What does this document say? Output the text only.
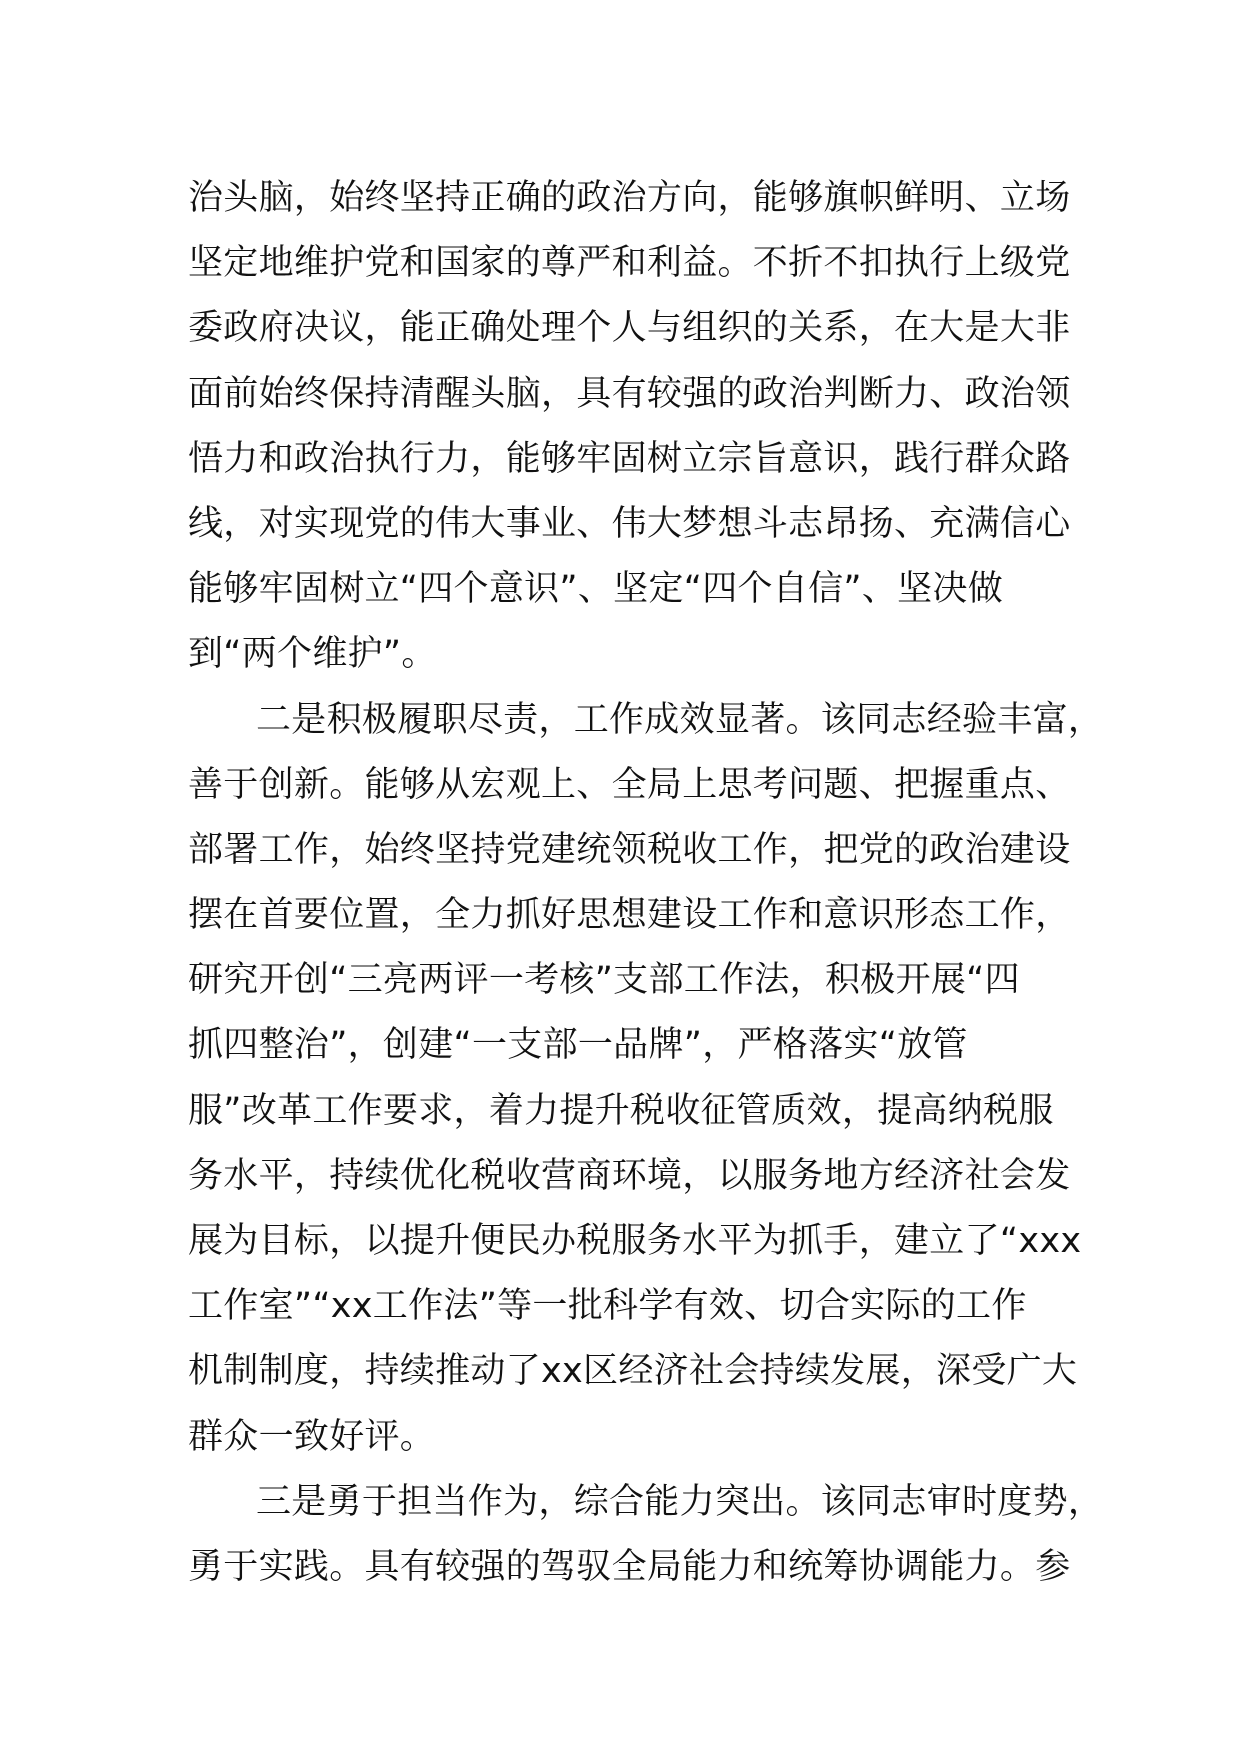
治头脑，始终坚持正确的政治方向，能够旗帜鲜明、立场
坚定地维护党和国家的尊严和利益。不折不扣执行上级党
委政府决议，能正确处理个人与组织的关系，在大是大非
面前始终保持清醒头脑，具有较强的政治判断力、政治领
悟力和政治执行力，能够牢固树立宗旨意识，践行群众路
线，对实现党的伟大事业、伟大梦想斗志昂扬、充满信心
能够牢固树立“四个意识”、坚定“四个自信”、坚决做
到“两个维护”。
二是积极履职尽责，工作成效显著。该同志经验丰富，
善于创新。能够从宏观上、全局上思考问题、把握重点、
部署工作，始终坚持党建统领税收工作，把党的政治建设
摆在首要位置，全力抓好思想建设工作和意识形态工作，
研究开创“三亮两评一考核”支部工作法，积极开展“四
抓四整治”，创建“一支部一品牌”，严格落实“放管
服”改革工作要求，着力提升税收征管质效，提高纳税服
务水平，持续优化税收营商环境，以服务地方经济社会发
展为目标，以提升便民办税服务水平为抓手，建立了“xxx
工作室”“xx工作法”等一批科学有效、切合实际的工作
机制制度，持续推动了xx区经济社会持续发展，深受广大
群众一致好评。
三是勇于担当作为，综合能力突出。该同志审时度势，
勇于实践。具有较强的驾驭全局能力和统筹协调能力。参
